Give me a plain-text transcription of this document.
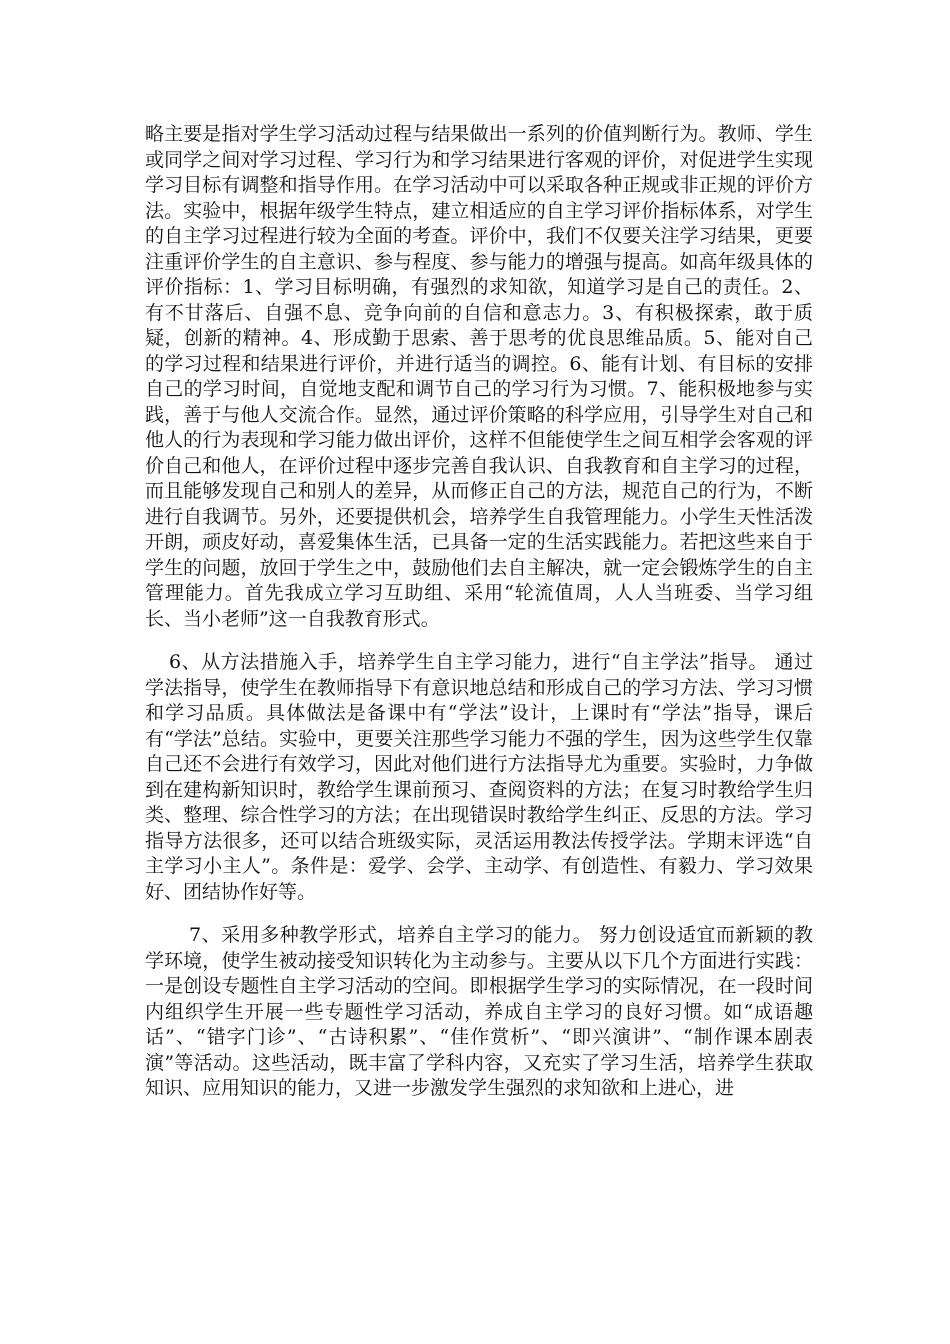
略主要是指对学生学习活动过程与结果做出一系列的价值判断行为。教师、学生或同学之间对学习过程、学习行为和学习结果进行客观的评价，对促进学生实现学习目标有调整和指导作用。在学习活动中可以采取各种正规或非正规的评价方法。实验中，根据年级学生特点，建立相适应的自主学习评价指标体系，对学生的自主学习过程进行较为全面的考查。评价中，我们不仅要关注学习结果，更要注重评价学生的自主意识、参与程度、参与能力的增强与提高。如高年级具体的评价指标：1、学习目标明确，有强烈的求知欲，知道学习是自己的责任。2、有不甘落后、自强不息、竞争向前的自信和意志力。3、有积极探索，敢于质疑，创新的精神。4、形成勤于思索、善于思考的优良思维品质。5、能对自己的学习过程和结果进行评价，并进行适当的调控。6、能有计划、有目标的安排自己的学习时间，自觉地支配和调节自己的学习行为习惯。7、能积极地参与实践，善于与他人交流合作。显然，通过评价策略的科学应用，引导学生对自己和他人的行为表现和学习能力做出评价，这样不但能使学生之间互相学会客观的评价自己和他人，在评价过程中逐步完善自我认识、自我教育和自主学习的过程，而且能够发现自己和别人的差异，从而修正自己的方法，规范自己的行为，不断进行自我调节。另外，还要提供机会，培养学生自我管理能力。小学生天性活泼开朗，顽皮好动，喜爱集体生活，已具备一定的生活实践能力。若把这些来自于学生的问题，放回于学生之中，鼓励他们去自主解决，就一定会锻炼学生的自主管理能力。首先我成立学习互助组、采用“轮流值周，人人当班委、当学习组长、当小老师”这一自我教育形式。

6、从方法措施入手，培养学生自主学习能力，进行“自主学法”指导。 通过学法指导，使学生在教师指导下有意识地总结和形成自己的学习方法、学习习惯和学习品质。具体做法是备课中有“学法”设计，上课时有“学法”指导，课后有“学法”总结。实验中，更要关注那些学习能力不强的学生，因为这些学生仅靠自己还不会进行有效学习，因此对他们进行方法指导尤为重要。实验时，力争做到在建构新知识时，教给学生课前预习、查阅资料的方法；在复习时教给学生归类、整理、综合性学习的方法；在出现错误时教给学生纠正、反思的方法。学习指导方法很多，还可以结合班级实际，灵活运用教法传授学法。学期末评选“自主学习小主人”。条件是：爱学、会学、主动学、有创造性、有毅力、学习效果好、团结协作好等。

7、采用多种教学形式，培养自主学习的能力。 努力创设适宜而新颖的教学环境，使学生被动接受知识转化为主动参与。主要从以下几个方面进行实践：一是创设专题性自主学习活动的空间。即根据学生学习的实际情况，在一段时间内组织学生开展一些专题性学习活动，养成自主学习的良好习惯。如“成语趣话”、“错字门诊”、“古诗积累”、“佳作赏析”、“即兴演讲”、“制作课本剧表演”等活动。这些活动，既丰富了学科内容，又充实了学习生活，培养学生获取知识、应用知识的能力，又进一步激发学生强烈的求知欲和上进心，进
